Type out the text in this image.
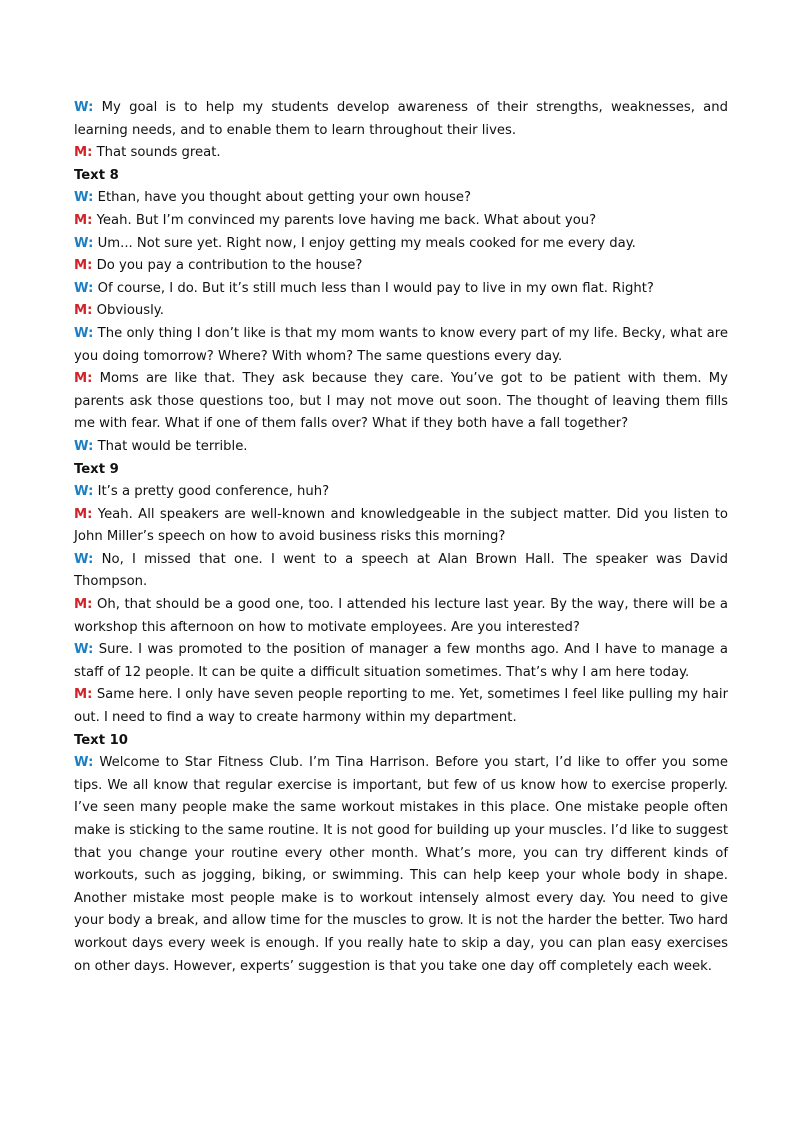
W: My goal is to help my students develop awareness of their strengths, weaknesses, and learning needs, and to enable them to learn throughout their lives.

M: That sounds great.

Text 8

W: Ethan, have you thought about getting your own house?

M: Yeah. But I’m convinced my parents love having me back. What about you?

W: Um... Not sure yet. Right now, I enjoy getting my meals cooked for me every day.

M: Do you pay a contribution to the house?

W: Of course, I do. But it’s still much less than I would pay to live in my own flat. Right?

M: Obviously.

W: The only thing I don’t like is that my mom wants to know every part of my life. Becky, what are you doing tomorrow? Where? With whom? The same questions every day.

M: Moms are like that. They ask because they care. You’ve got to be patient with them. My parents ask those questions too, but I may not move out soon. The thought of leaving them fills me with fear. What if one of them falls over? What if they both have a fall together?

W: That would be terrible.

Text 9

W: It’s a pretty good conference, huh?

M: Yeah. All speakers are well-known and knowledgeable in the subject matter. Did you listen to John Miller’s speech on how to avoid business risks this morning?

W: No, I missed that one. I went to a speech at Alan Brown Hall. The speaker was David Thompson.

M: Oh, that should be a good one, too. I attended his lecture last year. By the way, there will be a workshop this afternoon on how to motivate employees. Are you interested?

W: Sure. I was promoted to the position of manager a few months ago. And I have to manage a staff of 12 people. It can be quite a difficult situation sometimes. That’s why I am here today.

M: Same here. I only have seven people reporting to me. Yet, sometimes I feel like pulling my hair out. I need to find a way to create harmony within my department.

Text 10

W: Welcome to Star Fitness Club. I’m Tina Harrison. Before you start, I’d like to offer you some tips. We all know that regular exercise is important, but few of us know how to exercise properly. I’ve seen many people make the same workout mistakes in this place. One mistake people often make is sticking to the same routine. It is not good for building up your muscles. I’d like to suggest that you change your routine every other month. What’s more, you can try different kinds of workouts, such as jogging, biking, or swimming. This can help keep your whole body in shape. Another mistake most people make is to workout intensely almost every day. You need to give your body a break, and allow time for the muscles to grow. It is not the harder the better. Two hard workout days every week is enough. If you really hate to skip a day, you can plan easy exercises on other days. However, experts’ suggestion is that you take one day off completely each week.
